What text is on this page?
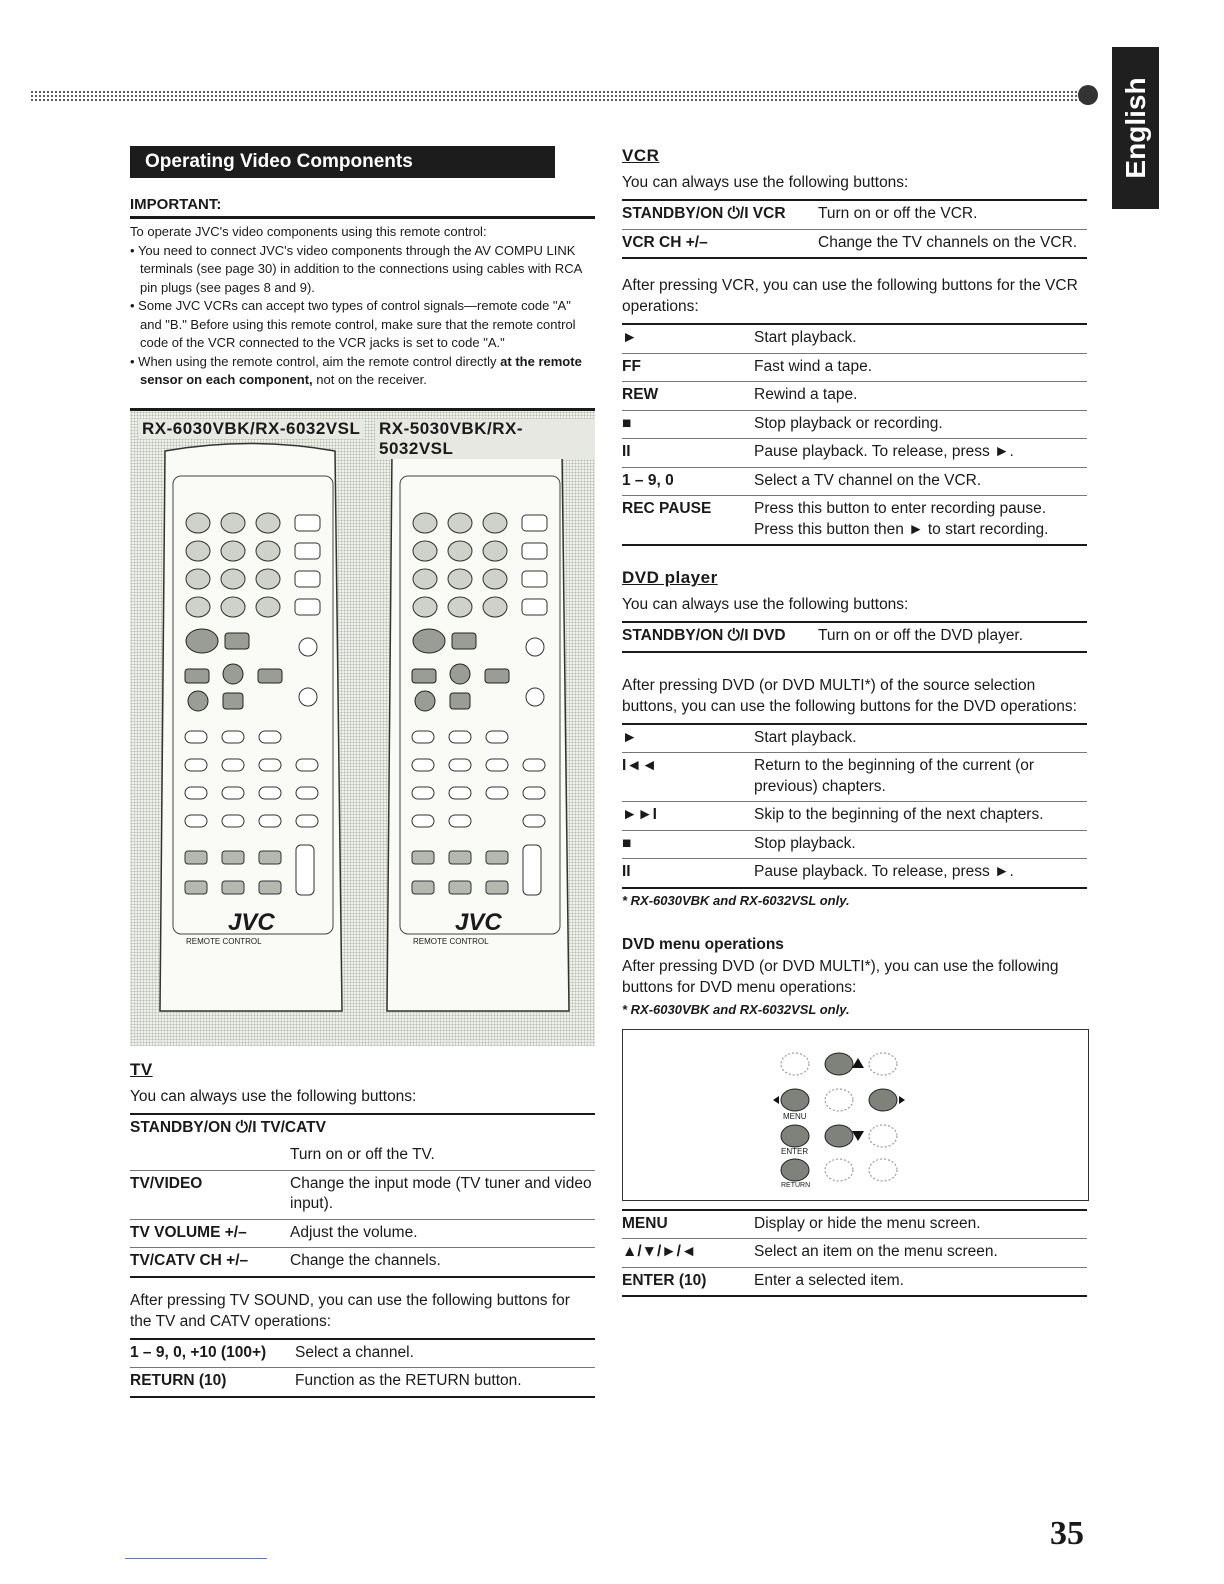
English
Operating Video Components
IMPORTANT:
To operate JVC's video components using this remote control:
• You need to connect JVC's video components through the AV COMPU LINK terminals (see page 30) in addition to the connections using cables with RCA pin plugs (see pages 8 and 9).
• Some JVC VCRs can accept two types of control signals—remote code "A" and "B." Before using this remote control, make sure that the remote control code of the VCR connected to the VCR jacks is set to code "A."
• When using the remote control, aim the remote control directly at the remote sensor on each component, not on the receiver.
RX-6030VBK/RX-6032VSL RX-5030VBK/RX-5032VSL
JVC	JVC
REMOTE CONTROL	REMOTE CONTROL
TV
You can always use the following buttons:
STANDBY/ON ⏻/I TV/CATV	
	Turn on or off the TV.
TV/VIDEO	Change the input mode (TV tuner and video input).
TV VOLUME +/–	Adjust the volume.
TV/CATV CH +/–	Change the channels.
After pressing TV SOUND, you can use the following buttons for the TV and CATV operations:
1 – 9, 0, +10 (100+)	Select a channel.
RETURN (10)	Function as the RETURN button.
VCR
You can always use the following buttons:
STANDBY/ON ⏻/I VCR	Turn on or off the VCR.
VCR CH +/–	Change the TV channels on the VCR.
After pressing VCR, you can use the following buttons for the VCR operations:
►	Start playback.
FF	Fast wind a tape.
REW	Rewind a tape.
■	Stop playback or recording.
II	Pause playback. To release, press ►.
1 – 9, 0	Select a TV channel on the VCR.
REC PAUSE	Press this button to enter recording pause. Press this button then ► to start recording.
DVD player
You can always use the following buttons:
STANDBY/ON ⏻/I DVD	Turn on or off the DVD player.
After pressing DVD (or DVD MULTI*) of the source selection buttons, you can use the following buttons for the DVD operations:
►	Start playback.
I◄◄	Return to the beginning of the current (or previous) chapters.
►►I	Skip to the beginning of the next chapters.
■	Stop playback.
II	Pause playback. To release, press ►.
* RX-6030VBK and RX-6032VSL only.
DVD menu operations
After pressing DVD (or DVD MULTI*), you can use the following buttons for DVD menu operations:
* RX-6030VBK and RX-6032VSL only.
MENU
ENTER
RETURN
MENU	Display or hide the menu screen.
▲/▼/►/◄	Select an item on the menu screen.
ENTER (10)	Enter a selected item.
35
